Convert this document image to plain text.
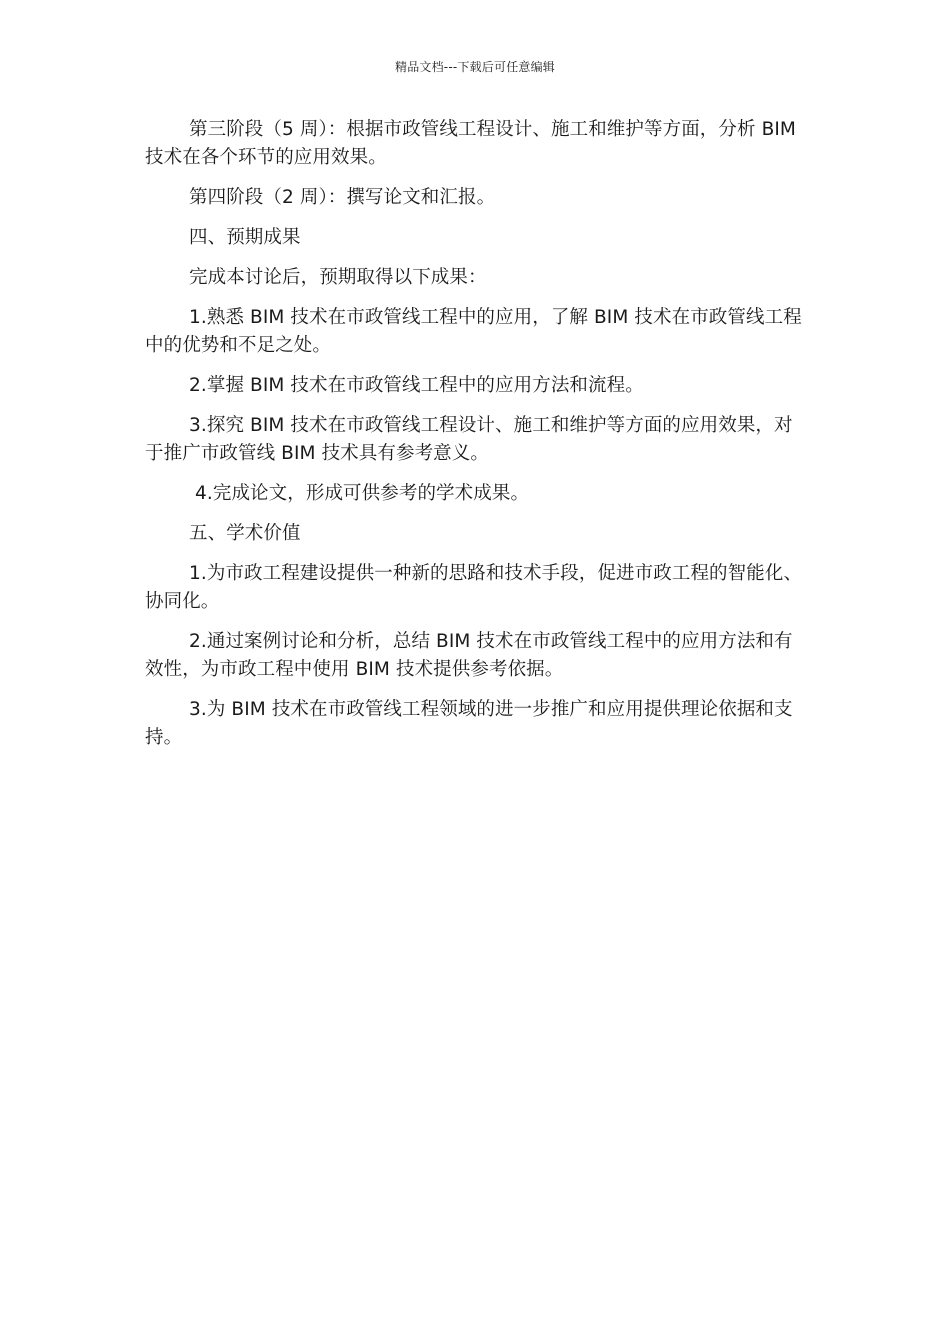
精品文档---下载后可任意编辑

第三阶段（5 周）：根据市政管线工程设计、施工和维护等方面，分析 BIM 技术在各个环节的应用效果。

第四阶段（2 周）：撰写论文和汇报。

四、预期成果

完成本讨论后，预期取得以下成果：

1.熟悉 BIM 技术在市政管线工程中的应用，了解 BIM 技术在市政管线工程中的优势和不足之处。

2.掌握 BIM 技术在市政管线工程中的应用方法和流程。

3.探究 BIM 技术在市政管线工程设计、施工和维护等方面的应用效果，对于推广市政管线 BIM 技术具有参考意义。

4.完成论文，形成可供参考的学术成果。

五、学术价值

1.为市政工程建设提供一种新的思路和技术手段，促进市政工程的智能化、协同化。

2.通过案例讨论和分析，总结 BIM 技术在市政管线工程中的应用方法和有效性，为市政工程中使用 BIM 技术提供参考依据。

3.为 BIM 技术在市政管线工程领域的进一步推广和应用提供理论依据和支持。
